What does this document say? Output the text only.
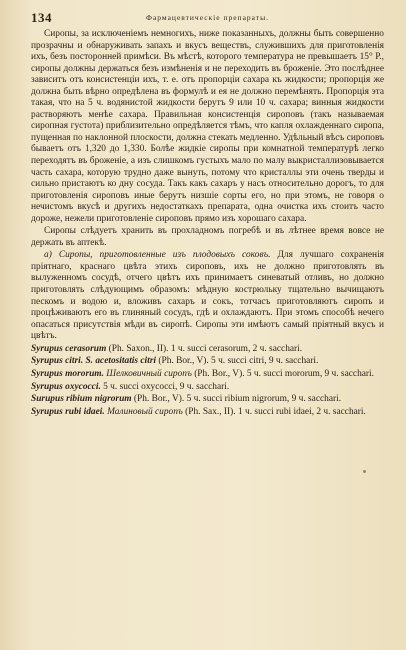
134	Фармацевтическiе препараты.

Сиропы, за исключенiемъ немногихъ, ниже показанныхъ, должны быть совершенно прозрачны и обнаруживать запахъ и вкусъ веществъ, служившихъ для приготовленiя ихъ, безъ посторонней примѣси. Въ мѣстѣ, которого температура не превышаетъ 15° Р., сиропы должны держаться безъ измѣненiя и не переходить въ броженiе. Это послѣднее зависитъ отъ консистенцiи ихъ, т. е. отъ пропорцiи сахара къ жидкости; пропорцiя же должна быть вѣрно опредѣлена въ формулѣ и ея не должно перемѣнять. Пропорцiя эта такая, что на 5 ч. водянистой жидкости берутъ 9 или 10 ч. сахара; винныя жидкости растворяютъ менѣе сахара. Правильная консистенцiя сироповъ (такъ называемая сиропная густота) приблизительно опредѣляется тѣмъ, что капля охлажденнаго сиропа, пущенная по наклонной плоскости, должна стекать медленно. Удѣльный вѣсъ сироповъ бываетъ отъ 1,320 до 1,330. Болѣе жидкiе сиропы при комнатной температурѣ легко переходятъ въ броженiе, а изъ слишкомъ густыхъ мало по малу выкристаллизовывается часть сахара, которую трудно даже вынуть, потому что кристаллы эти очень тверды и сильно пристаютъ ко дну сосуда. Такъ какъ сахаръ у насъ относительно дорогъ, то для приготовленiя сироповъ иные берутъ низшiе сорты его, но при этомъ, не говоря о нечистомъ вкусѣ и другихъ недостаткахъ препарата, одна очистка ихъ стоитъ часто дороже, нежели приготовленiе сироповъ прямо изъ хорошаго сахара.

Сиропы слѣдуетъ хранить въ прохладномъ погребѣ и въ лѣтнее время вовсе не держать въ аптекѣ.

a) Сиропы, приготовленные изъ плодовыхъ соковъ. Для лучшаго сохраненiя прiятнаго, краснаго цвѣта этихъ сироповъ, ихъ не должно приготовлять въ вылуженномъ сосудѣ, отчего цвѣтъ ихъ принимаетъ синеватый отливъ, но должно приготовлять слѣдующимъ образомъ: мѣдную кострюльку тщательно вычищаютъ пескомъ и водою и, вложивъ сахаръ и сокъ, тотчасъ приготовляютъ сиропъ и процѣживаютъ его въ глиняный сосудъ, гдѣ и охлаждаютъ. При этомъ способѣ нечего опасаться присутствiя мѣди въ сиропѣ. Сиропы эти имѣютъ самый прiятный вкусъ и цвѣтъ.

Syrupus cerasorum (Ph. Saxon., II). 1 ч. succi cerasorum, 2 ч. sacchari.
Syrupus citri. S. acetositatis citri (Ph. Bor., V). 5 ч. succi citri, 9 ч. sacchari.
Syrupus mororum. Шелковичный сиропъ (Ph. Bor., V). 5 ч. succi mororum, 9 ч. sacchari.
Syrupus oxycocci. 5 ч. succi oxycocci, 9 ч. sacchari.
Surupus ribium nigrorum (Ph. Bor., V). 5 ч. succi ribium nigrorum, 9 ч. sacchari.
Syrupus rubi idaei. Малиновый сиропъ (Ph. Sax., II). 1 ч. succi rubi idaei, 2 ч. sacchari.
